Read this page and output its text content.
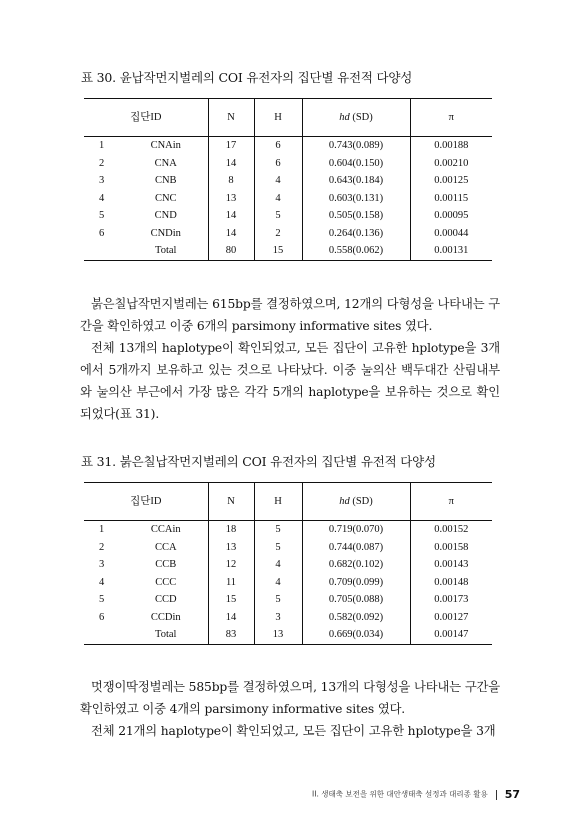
표 30. 윤납작먼지벌레의 COI 유전자의 집단별 유전적 다양성
집단ID		N	H	hd (SD)	π
1	CNAin	17	6	0.743(0.089)	0.00188
2	CNA	14	6	0.604(0.150)	0.00210
3	CNB	8	4	0.643(0.184)	0.00125
4	CNC	13	4	0.603(0.131)	0.00115
5	CND	14	5	0.505(0.158)	0.00095
6	CNDin	14	2	0.264(0.136)	0.00044
	Total	80	15	0.558(0.062)	0.00131

붉은칠납작먼지벌레는 615bp를 결정하였으며, 12개의 다형성을 나타내는 구간을 확인하였고 이중 6개의 parsimony informative sites 였다.

전체 13개의 haplotype이 확인되었고, 모든 집단이 고유한 hplotype을 3개에서 5개까지 보유하고 있는 것으로 나타났다. 이중 눌의산 백두대간 산림내부와 눌의산 부근에서 가장 많은 각각 5개의 haplotype을 보유하는 것으로 확인되었다(표 31).

표 31. 붉은칠납작먼지벌레의 COI 유전자의 집단별 유전적 다양성
집단ID		N	H	hd (SD)	π
1	CCAin	18	5	0.719(0.070)	0.00152
2	CCA	13	5	0.744(0.087)	0.00158
3	CCB	12	4	0.682(0.102)	0.00143
4	CCC	11	4	0.709(0.099)	0.00148
5	CCD	15	5	0.705(0.088)	0.00173
6	CCDin	14	3	0.582(0.092)	0.00127
	Total	83	13	0.669(0.034)	0.00147

멋쟁이딱정벌레는 585bp를 결정하였으며, 13개의 다형성을 나타내는 구간을 확인하였고 이중 4개의 parsimony informative sites 였다.

전체 21개의 haplotype이 확인되었고, 모든 집단이 고유한 hplotype을 3개

II. 생태축 보전을 위한 대안생태축 설정과 대리종 활용 57
